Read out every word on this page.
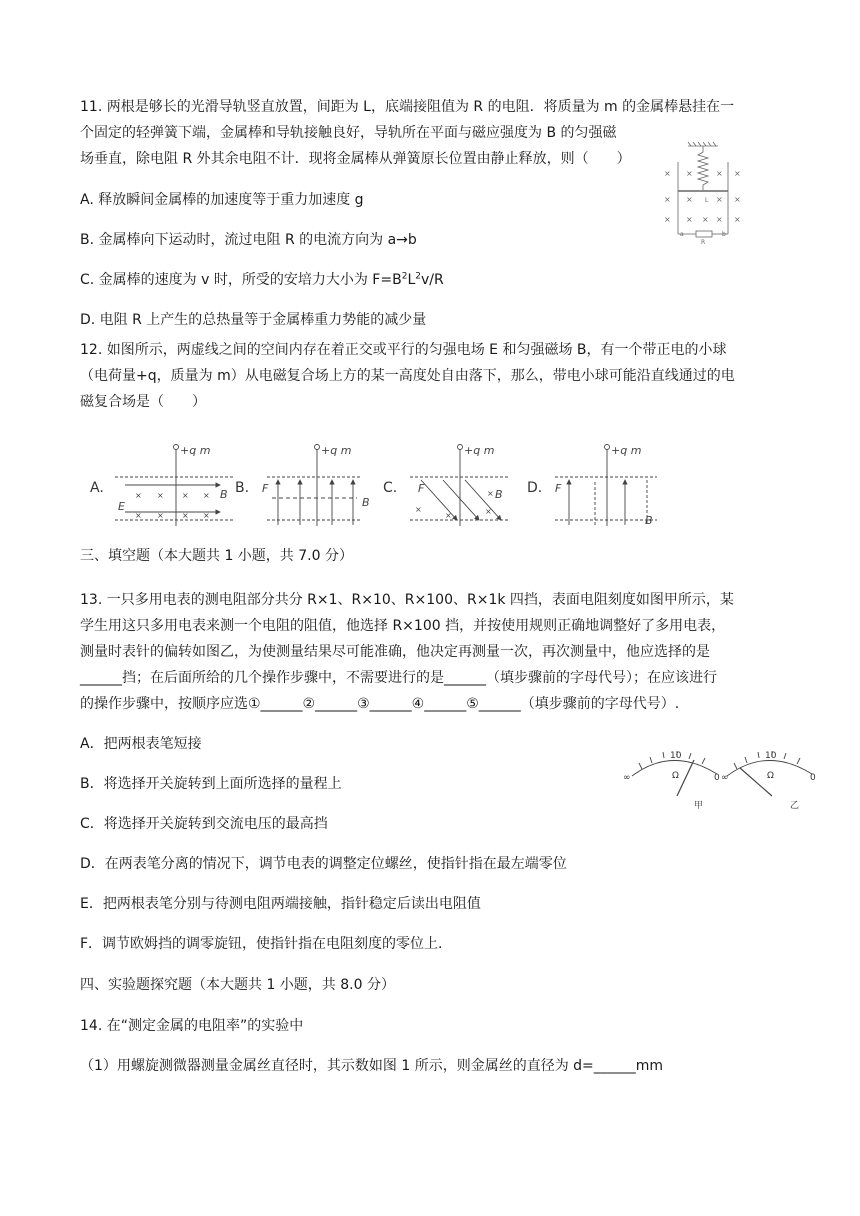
11. 两根是够长的光滑导轨竖直放置，间距为 L，底端接阻值为 R 的电阻．将质量为 m 的金属棒悬挂在一
个固定的轻弹簧下端，金属棒和导轨接触良好，导轨所在平面与磁应强度为 B 的匀强磁
场垂直，除电阻 R 外其余电阻不计．现将金属棒从弹簧原长位置由静止释放，则（　　）
A. 释放瞬间金属棒的加速度等于重力加速度 g
B. 金属棒向下运动时，流过电阻 R 的电流方向为 a→b
C. 金属棒的速度为 v 时，所受的安培力大小为 $F=B^2L^2v/R$
D. 电阻 R 上产生的总热量等于金属棒重力势能的减少量
× ×	× ×
× ×	× ×
× × × × ×
a	b
R
L
12. 如图所示，两虚线之间的空间内存在着正交或平行的匀强电场 E 和匀强磁场 B，有一个带正电的小球
（电荷量+q，质量为 m）从电磁复合场上方的某一高度处自由落下，那么，带电小球可能沿直线通过的电
磁复合场是（　　）
A.	B.	C.	D.
+q m	+q m	+q m	+q m
E
B	F
B
F	B	F
B
× × × ×
× × × ×
×
×
×	×
三、填空题（本大题共 1 小题，共 7.0 分）
13. 一只多用电表的测电阻部分共分 R×1、R×10、R×100、R×1k 四挡，表面电阻刻度如图甲所示，某
学生用这只多用电表来测一个电阻的阻值，他选择 R×100 挡，并按使用规则正确地调整好了多用电表，
测量时表针的偏转如图乙，为使测量结果尽可能准确，他决定再测量一次，再次测量中，他应选择的是
______挡；在后面所给的几个操作步骤中，不需要进行的是______（填步骤前的字母代号）；在应该进行
的操作步骤中，按顺序应选①______②______③______④______⑤______（填步骤前的字母代号）.
A．把两根表笔短接
B．将选择开关旋转到上面所选择的量程上
C．将选择开关旋转到交流电压的最高挡
D．在两表笔分离的情况下，调节电表的调整定位螺丝，使指针指在最左端零位
E．把两根表笔分别与待测电阻两端接触，指针稳定后读出电阻值
F．调节欧姆挡的调零旋钮，使指针指在电阻刻度的零位上.
10	10
Ω	Ω
∞	0 ∞	0
甲	乙
四、实验题探究题（本大题共 1 小题，共 8.0 分）
14. 在“测定金属的电阻率”的实验中
（1）用螺旋测微器测量金属丝直径时，其示数如图 1 所示，则金属丝的直径为 d=______mm
